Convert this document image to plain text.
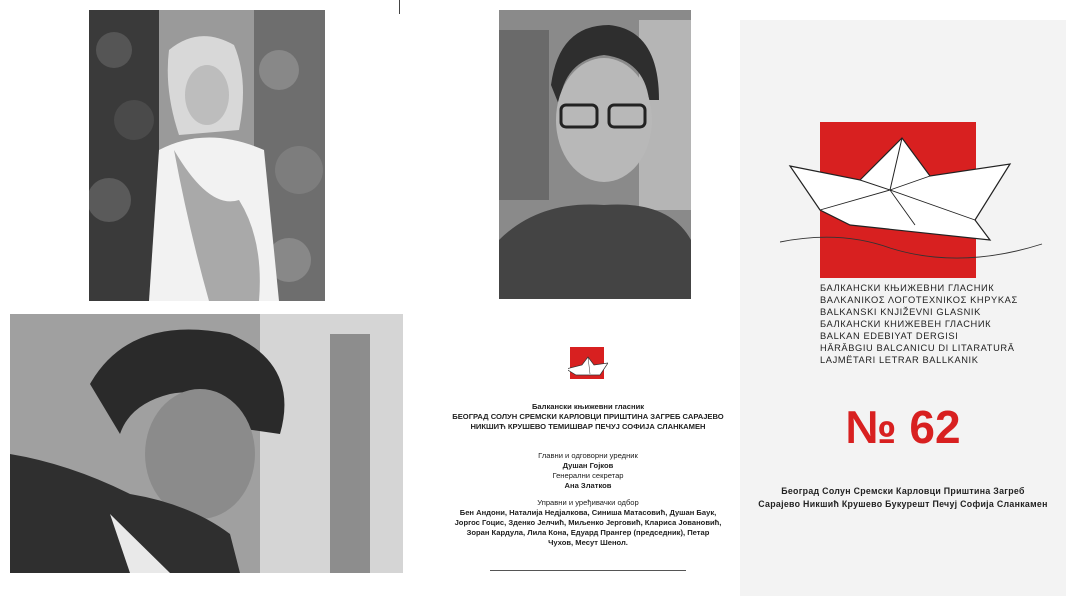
Балкански књижевни гласник

БЕОГРАД СОЛУН СРЕМСКИ КАРЛОВЦИ ПРИШТИНА ЗАГРЕБ САРАЈЕВО

НИКШИЋ КРУШЕВО ТЕМИШВАР ПЕЧУЈ СОФИЈА СЛАНКАМЕН

Главни и одговорни уредник

Душан Гојков

Генерални секретар

Ана Златков

Управни и уређивачки одбор

Бен Андони, Наталија Недјалкова, Синиша Матасовић, Душан Баук,

Јоргос Гоцис, Зденко Јелчић, Миљенко Јерговић, Клариса Јовановић,

Зоран Кардула, Лила Кона, Едуард Прангер (председник), Петар

Чухов, Месут Шенол.

БАЛКАНСКИ КЊИЖЕВНИ ГЛАСНИК
ΒΑΛΚΑΝΙΚΟΣ ΛΟΓΟΤΕΧΝΙΚΟΣ ΚΗΡΥΚΑΣ
BALKANSKI KNJIŽEVNI GLASNIK
БАЛКАНСКИ КНИЖЕВЕН ГЛАСНИК
BALKAN EDEBIYAT DERGISI
HĂRĂBGIU BALCANICU DI LITARATURĂ
LAJMËTARI LETRAR BALLKANIK
№ 62
Београд Солун Сремски Карловци Приштина Загреб
Сарајево Никшић Крушево Букурешт Печуј Софија Сланкамен
